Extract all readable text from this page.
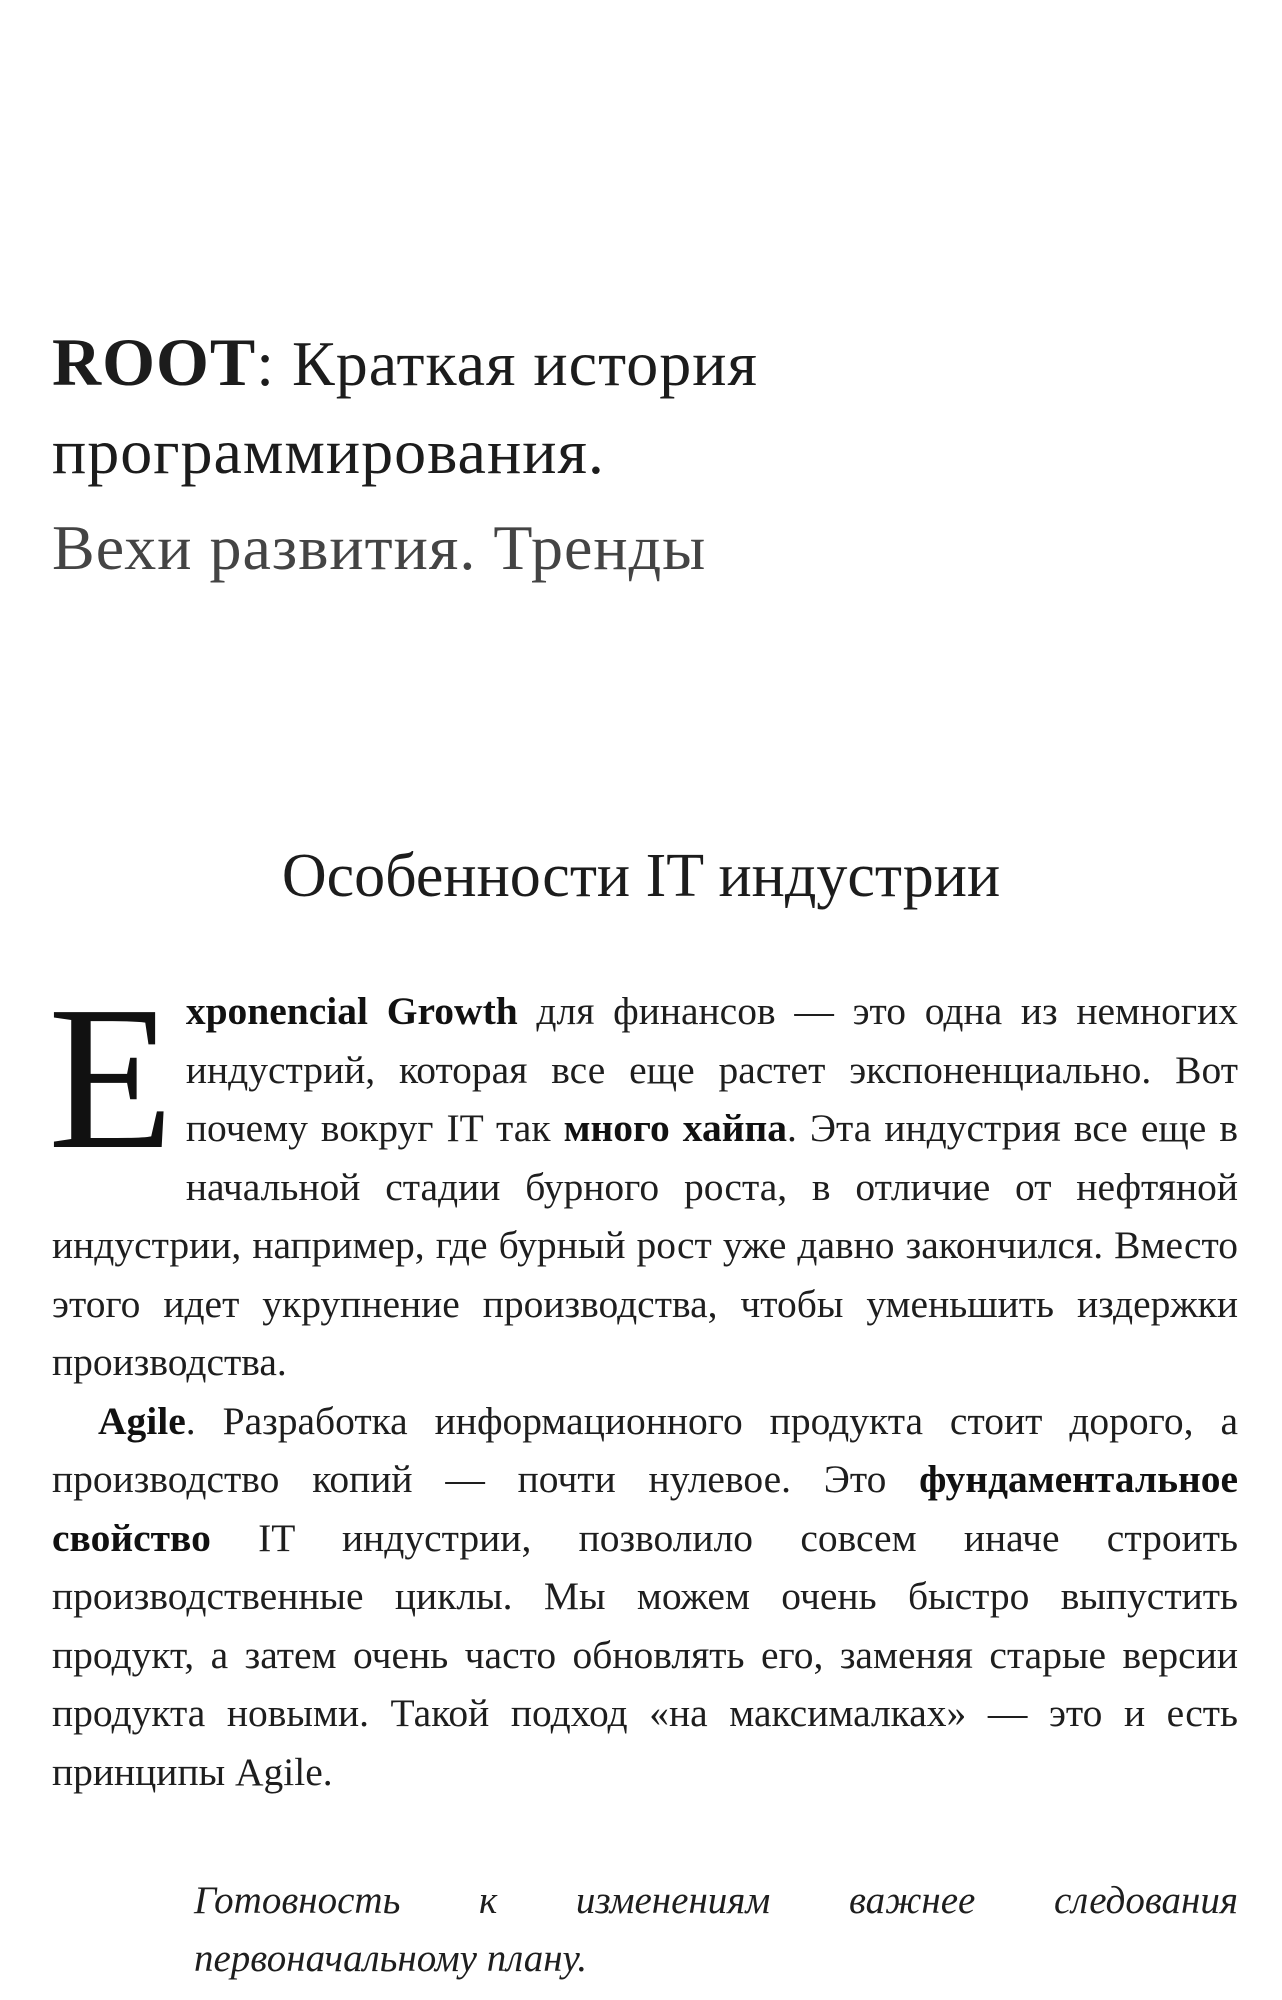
ROOT: Краткая история
программирования.
Вехи развития. Тренды
Особенности IT индустрии

Exponencial Growth для финансов — это одна из немногих индустрий, которая все еще растет экспоненциально. Вот почему вокруг IT так много хайпа. Эта индустрия все еще в начальной стадии бурного роста, в отличие от нефтяной индустрии, например, где бурный рост уже давно закончился. Вместо этого идет укрупнение производства, чтобы уменьшить издержки производства.

Agile. Разработка информационного продукта стоит дорого, а производство копий — почти нулевое. Это фундаментальное свойство IT индустрии, позволило совсем иначе строить производственные циклы. Мы можем очень быстро выпустить продукт, а затем очень часто обновлять его, заменяя старые версии продукта новыми. Такой подход «на максималках» — это и есть принципы Agile.

Готовность к изменениям важнее следования первоначальному плану.
